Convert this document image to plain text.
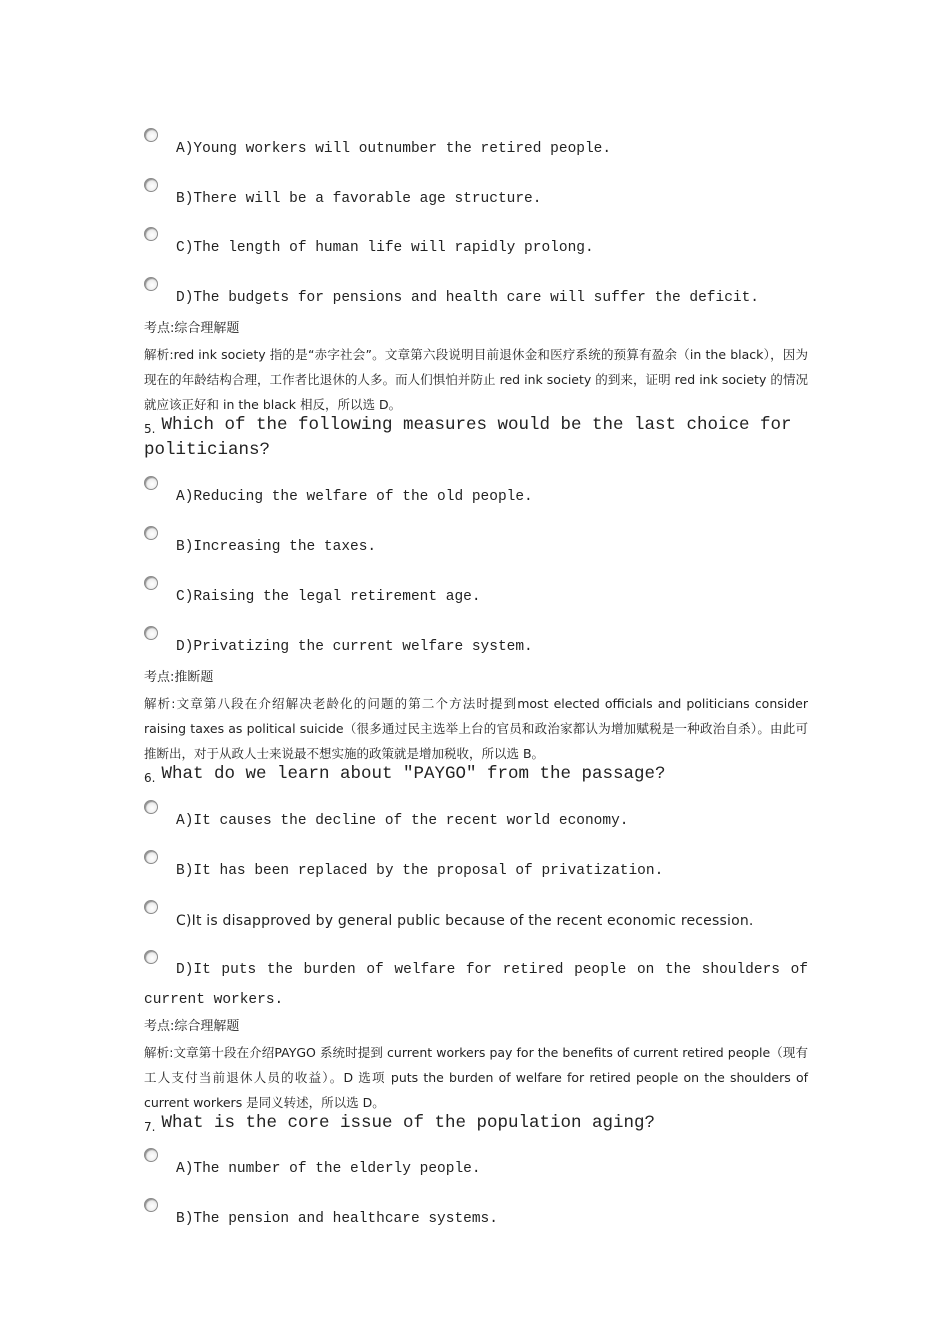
A)Young workers will outnumber the retired people.
B)There will be a favorable age structure.
C)The length of human life will rapidly prolong.
D)The budgets for pensions and health care will suffer the deficit.
考点:综合理解题
解析:red ink society 指的是“赤字社会”。文章第六段说明目前退休金和医疗系统的预算有盈余（in the black），因为现在的年龄结构合理，工作者比退休的人多。而人们惧怕并防止 red ink society 的到来，证明 red ink society 的情况就应该正好和 in the black 相反，所以选 D。
$_{5.}$ Which of the following measures would be the last choice for politicians?
A)Reducing the welfare of the old people.
B)Increasing the taxes.
C)Raising the legal retirement age.
D)Privatizing the current welfare system.
考点:推断题
解析:文章第八段在介绍解决老龄化的问题的第二个方法时提到most elected officials and politicians consider raising taxes as political suicide（很多通过民主选举上台的官员和政治家都认为增加赋税是一种政治自杀）。由此可推断出，对于从政人士来说最不想实施的政策就是增加税收，所以选 B。
$_{6.}$ What do we learn about "PAYGO" from the passage?
A)It causes the decline of the recent world economy.
B)It has been replaced by the proposal of privatization.
C)It is disapproved by general public because of the recent economic recession.
D)It puts the burden of welfare for retired people on the shoulders of current workers.
考点:综合理解题
解析:文章第十段在介绍PAYGO 系统时提到 current workers pay for the benefits of current retired people（现有工人支付当前退休人员的收益）。D 选项 puts the burden of welfare for retired people on the shoulders of current workers 是同义转述，所以选 D。
$_{7.}$ What is the core issue of the population aging?
A)The number of the elderly people.
B)The pension and healthcare systems.
